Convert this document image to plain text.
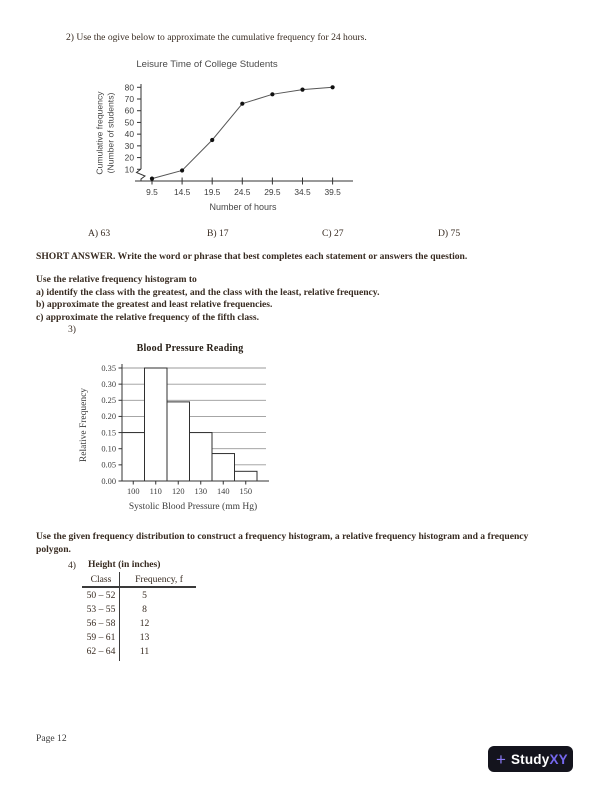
2) Use the ogive below to approximate the cumulative frequency for 24 hours.
Leisure Time of College Students
Cumulative frequency (Number of students) 10
20
30
40
50
60
70
80
9.5 14.5 19.5 24.5 29.5 34.5 39.5
Number of hours
A) 63	B) 17	C) 27	D) 75
SHORT ANSWER. Write the word or phrase that best completes each statement or answers the question.
Use the relative frequency histogram to
a) identify the class with the greatest, and the class with the least, relative frequency.
b) approximate the greatest and least relative frequencies.
c) approximate the relative frequency of the fifth class.
3)
Blood Pressure Reading
Relative Frequency
0.00
0.05
0.10
0.15
0.20
0.25
0.30
0.35
100 110 120 130 140 150
Systolic Blood Pressure (mm Hg)
Use the given frequency distribution to construct a frequency histogram, a relative frequency histogram and a frequency
polygon.
4) Height (in inches)
Class	Frequency, f
50 – 52	5
53 – 55	8
56 – 58	12
59 – 61	13
62 – 64	11
Page 12
+ StudyXY
